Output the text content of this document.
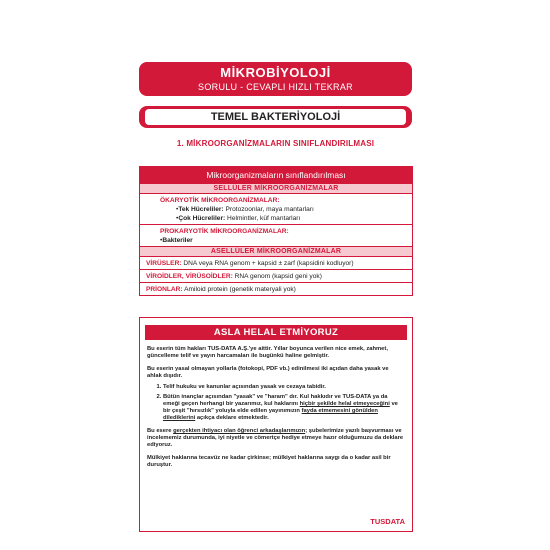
MİKROBİYOLOJİ
SORULU - CEVAPLI HIZLI TEKRAR
TEMEL BAKTERİYOLOJİ
1. MİKROORGANİZMALARIN SINIFLANDIRILMASI
Mikroorganizmaların sınıflandırılması
SELLÜLER MİKROORGANİZMALAR
ÖKARYOTİK MİKROORGANİZMALAR:
•Tek Hücreliler: Protozoonlar, maya mantarları
•Çok Hücreliler: Helmintler, küf mantarları
PROKARYOTİK MİKROORGANİZMALAR:
•Bakteriler
ASELLÜLER MİKROORGANİZMALAR
VİRÜSLER: DNA veya RNA genom + kapsid ± zarf (kapsidini kodluyor)
VİROİDLER, VİRÜSOİDLER: RNA genom (kapsid geni yok)
PRİONLAR: Amiloid protein (genetik materyali yok)
ASLA HELAL ETMİYORUZ
Bu eserin tüm hakları TUS-DATA A.Ş.'ye aittir. Yıllar boyunca verilen nice emek, zahmet, güncelleme telif ve yayın harcamaları ile bugünkü haline gelmiştir.
Bu eserin yasal olmayan yollarla (fotokopi, PDF vb.) edinilmesi iki açıdan daha yasak ve ahlak dışıdır.
1. Telif hukuku ve kanunlar açısından yasak ve cezaya tabidir.
2. Bütün inançlar açısından "yasak" ve "haram" dır. Kul hakkıdır ve TUS-DATA ya da emeği geçen herhangi bir yazarımız, kul haklarını hiçbir şekilde helal etmeyeceğini ve bir çeşit "hırsızlık" yoluyla elde edilen yayınımızın fayda etmemesini gönülden dilediklerini açıkça deklare etmektedir.
Bu esere gerçekten ihtiyacı olan öğrenci arkadaşlarımızın; şubelerimize yazılı başvurması ve incelememiz durumunda, iyi niyetle ve cömertçe hediye etmeye hazır olduğumuzu da deklare ediyoruz.
Mülkiyet haklarına tecavüz ne kadar çirkinse; mülkiyet haklarına saygı da o kadar asil bir duruştur.
TUSDATA
